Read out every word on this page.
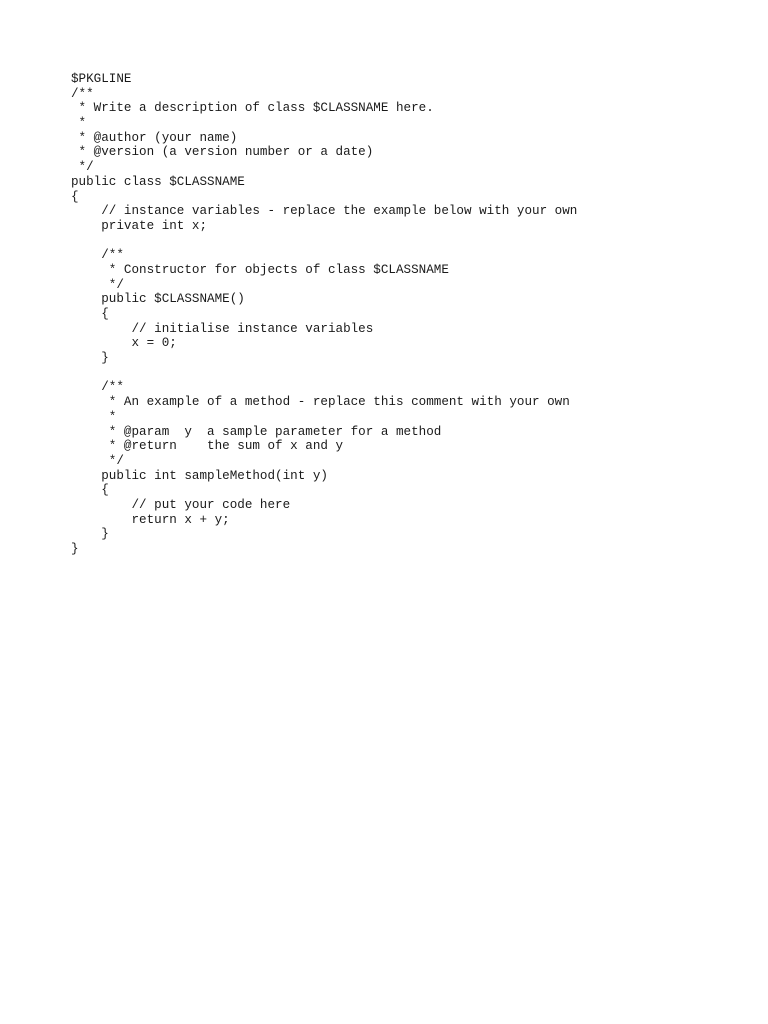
$PKGLINE
/**
* Write a description of class $CLASSNAME here.
*
* @author (your name)
* @version (a version number or a date)
*/
public class $CLASSNAME
{
// instance variables - replace the example below with your own
private int x;
/**
* Constructor for objects of class $CLASSNAME
*/
public $CLASSNAME()
{
// initialise instance variables
x = 0;
}
/**
* An example of a method - replace this comment with your own
*
* @param  y  a sample parameter for a method
* @return    the sum of x and y
*/
public int sampleMethod(int y)
{
// put your code here
return x + y;
}
}
